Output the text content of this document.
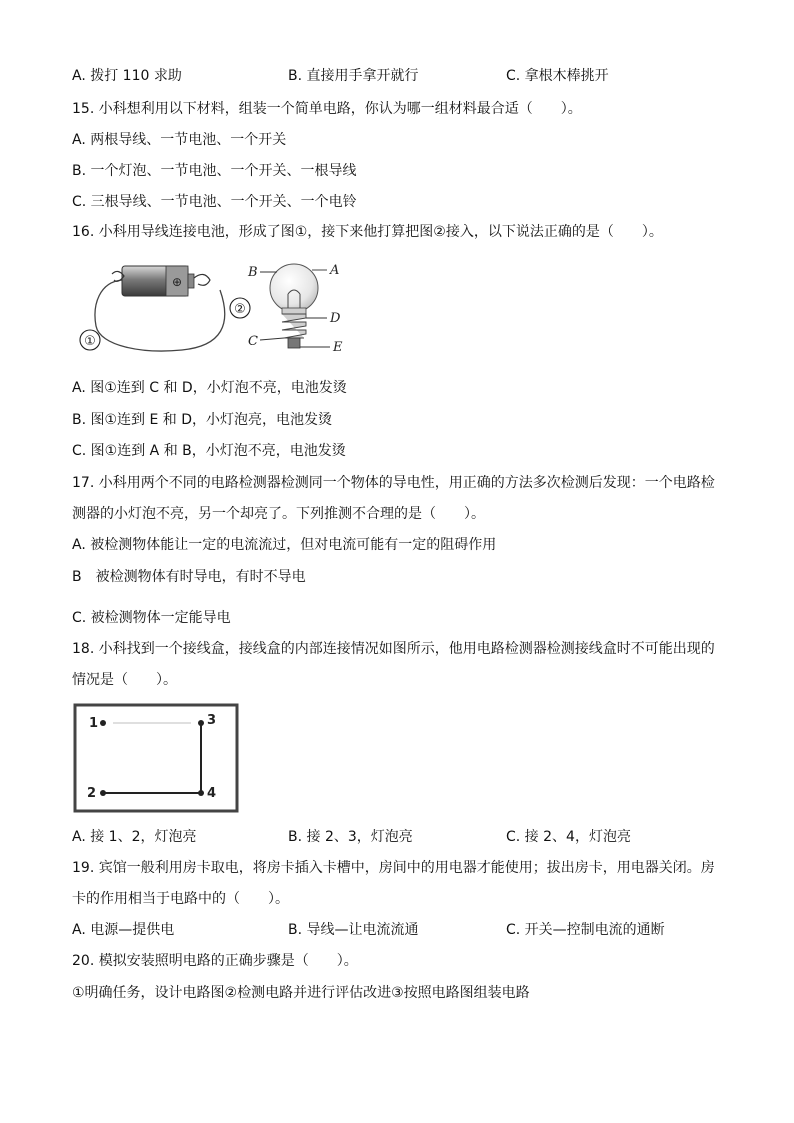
A. 拨打 110 求助	B. 直接用手拿开就行	C. 拿根木棒挑开
15. 小科想利用以下材料，组装一个简单电路，你认为哪一组材料最合适（　　）。
A. 两根导线、一节电池、一个开关
B. 一个灯泡、一节电池、一个开关、一根导线
C. 三根导线、一节电池、一个开关、一个电铃
16. 小科用导线连接电池，形成了图①，接下来他打算把图②接入，以下说法正确的是（　　）。
⊕
①
②
B	A
D
C	E
A. 图①连到 C 和 D，小灯泡不亮，电池发烫
B. 图①连到 E 和 D，小灯泡亮，电池发烫
C. 图①连到 A 和 B，小灯泡不亮，电池发烫
17. 小科用两个不同的电路检测器检测同一个物体的导电性，用正确的方法多次检测后发现：一个电路检
测器的小灯泡不亮，另一个却亮了。下列推测不合理的是（　　）。
A. 被检测物体能让一定的电流流过，但对电流可能有一定的阻碍作用
B　被检测物体有时导电，有时不导电
C. 被检测物体一定能导电
18. 小科找到一个接线盒，接线盒的内部连接情况如图所示，他用电路检测器检测接线盒时不可能出现的
情况是（　　）。
1	3
2	4
A. 接 1、2，灯泡亮	B. 接 2、3，灯泡亮	C. 接 2、4，灯泡亮
19. 宾馆一般利用房卡取电，将房卡插入卡槽中，房间中的用电器才能使用；拔出房卡，用电器关闭。房
卡的作用相当于电路中的（　　）。
A. 电源—提供电	B. 导线—让电流流通	C. 开关—控制电流的通断
20. 模拟安装照明电路的正确步骤是（　　）。
①明确任务，设计电路图②检测电路并进行评估改进③按照电路图组装电路
